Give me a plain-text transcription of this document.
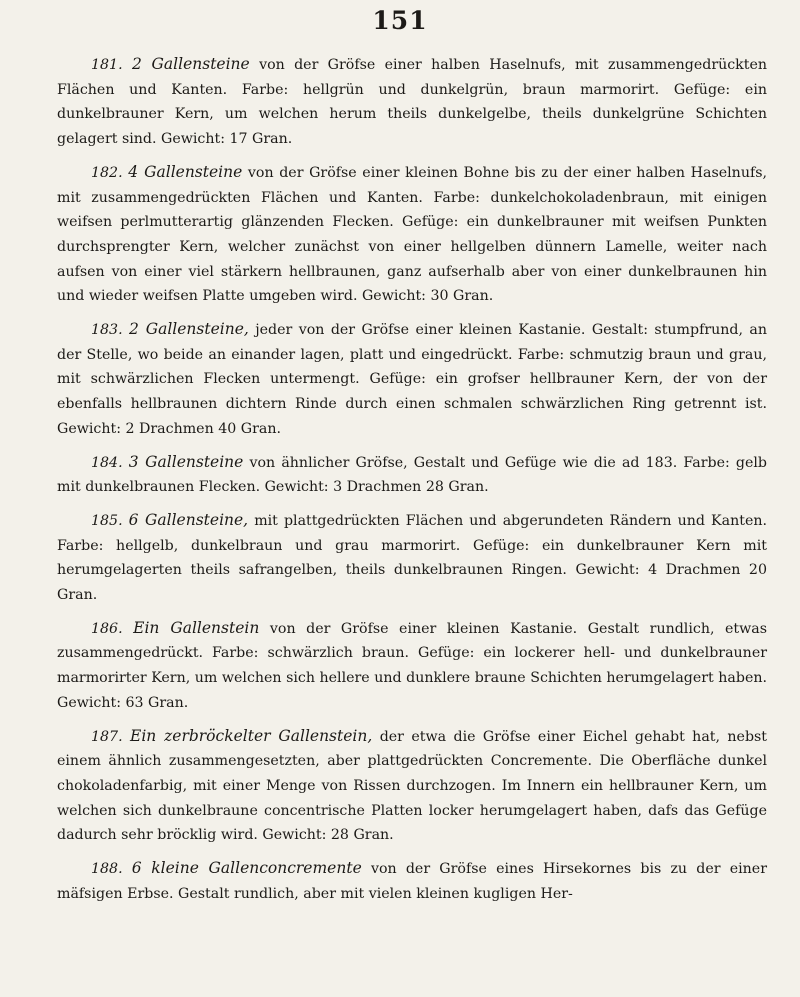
151

181. 2 Gallensteine von der Gröfse einer halben Haselnufs, mit zusammengedrückten Flächen und Kanten. Farbe: hellgrün und dunkelgrün, braun marmorirt. Gefüge: ein dunkelbrauner Kern, um welchen herum theils dunkelgelbe, theils dunkelgrüne Schichten gelagert sind. Gewicht: 17 Gran.

182. 4 Gallensteine von der Gröfse einer kleinen Bohne bis zu der einer halben Haselnufs, mit zusammengedrückten Flächen und Kanten. Farbe: dunkelchokoladenbraun, mit einigen weifsen perlmutterartig glänzenden Flecken. Gefüge: ein dunkelbrauner mit weifsen Punkten durchsprengter Kern, welcher zunächst von einer hellgelben dünnern Lamelle, weiter nach aufsen von einer viel stärkern hellbraunen, ganz aufserhalb aber von einer dunkelbraunen hin und wieder weifsen Platte umgeben wird. Gewicht: 30 Gran.

183. 2 Gallensteine, jeder von der Gröfse einer kleinen Kastanie. Gestalt: stumpfrund, an der Stelle, wo beide an einander lagen, platt und eingedrückt. Farbe: schmutzig braun und grau, mit schwärzlichen Flecken untermengt. Gefüge: ein grofser hellbrauner Kern, der von der ebenfalls hellbraunen dichtern Rinde durch einen schmalen schwärzlichen Ring getrennt ist. Gewicht: 2 Drachmen 40 Gran.

184. 3 Gallensteine von ähnlicher Gröfse, Gestalt und Gefüge wie die ad 183. Farbe: gelb mit dunkelbraunen Flecken. Gewicht: 3 Drachmen 28 Gran.

185. 6 Gallensteine, mit plattgedrückten Flächen und abgerundeten Rändern und Kanten. Farbe: hellgelb, dunkelbraun und grau marmorirt. Gefüge: ein dunkelbrauner Kern mit herumgelagerten theils safrangelben, theils dunkelbraunen Ringen. Gewicht: 4 Drachmen 20 Gran.

186. Ein Gallenstein von der Gröfse einer kleinen Kastanie. Gestalt rundlich, etwas zusammengedrückt. Farbe: schwärzlich braun. Gefüge: ein lockerer hell- und dunkelbrauner marmorirter Kern, um welchen sich hellere und dunklere braune Schichten herumgelagert haben. Gewicht: 63 Gran.

187. Ein zerbröckelter Gallenstein, der etwa die Gröfse einer Eichel gehabt hat, nebst einem ähnlich zusammengesetzten, aber plattgedrückten Concremente. Die Oberfläche dunkel chokoladenfarbig, mit einer Menge von Rissen durchzogen. Im Innern ein hellbrauner Kern, um welchen sich dunkelbraune concentrische Platten locker herumgelagert haben, dafs das Gefüge dadurch sehr bröcklig wird. Gewicht: 28 Gran.

188. 6 kleine Gallenconcremente von der Gröfse eines Hirsekornes bis zu der einer mäfsigen Erbse. Gestalt rundlich, aber mit vielen kleinen kugligen Her-
